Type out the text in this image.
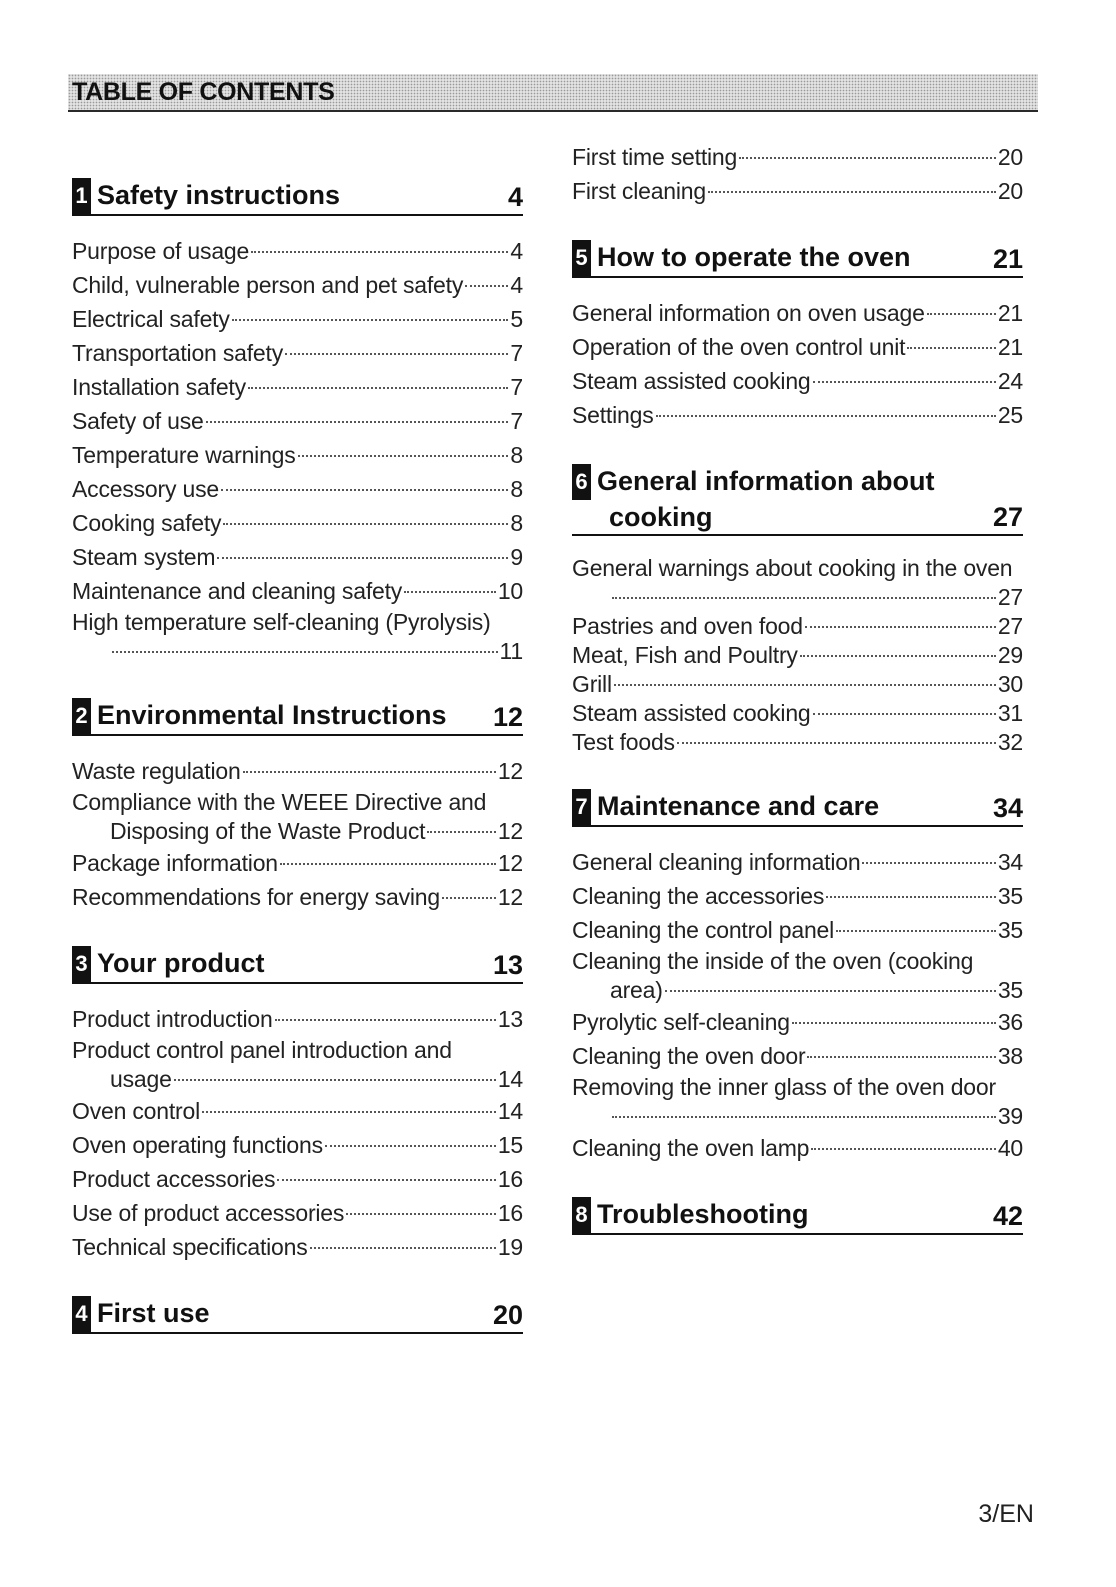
TABLE OF CONTENTS
1 Safety instructions	4
Purpose of usage	4
Child, vulnerable person and pet safety 4
Electrical safety	5
Transportation safety	7
Installation safety	7
Safety of use	7
Temperature warnings	8
Accessory use	8
Cooking safety	8
Steam system	9
Maintenance and cleaning safety	10
High temperature self-cleaning (Pyrolysis)
11
2 Environmental Instructions 12
Waste regulation	12
Compliance with the WEEE Directive and
Disposing of the Waste Product	12
Package information	12
Recommendations for energy saving	12
3 Your product	13
Product introduction	13
Product control panel introduction and
usage	14
Oven control	14
Oven operating functions	15
Product accessories	16
Use of product accessories	16
Technical specifications	19
4 First use	20
First time setting	20
First cleaning	20
5 How to operate the oven	21
General information on oven usage	21
Operation of the oven control unit	21
Steam assisted cooking	24
Settings	25
6 General information about
cooking	27
General warnings about cooking in the oven
27
Pastries and oven food	27
Meat, Fish and Poultry	29
Grill	30
Steam assisted cooking	31
Test foods	32
7 Maintenance and care	34
General cleaning information	34
Cleaning the accessories	35
Cleaning the control panel	35
Cleaning the inside of the oven (cooking
area)	35
Pyrolytic self-cleaning	36
Cleaning the oven door	38
Removing the inner glass of the oven door
39
Cleaning the oven lamp	40
8 Troubleshooting	42
3/EN
